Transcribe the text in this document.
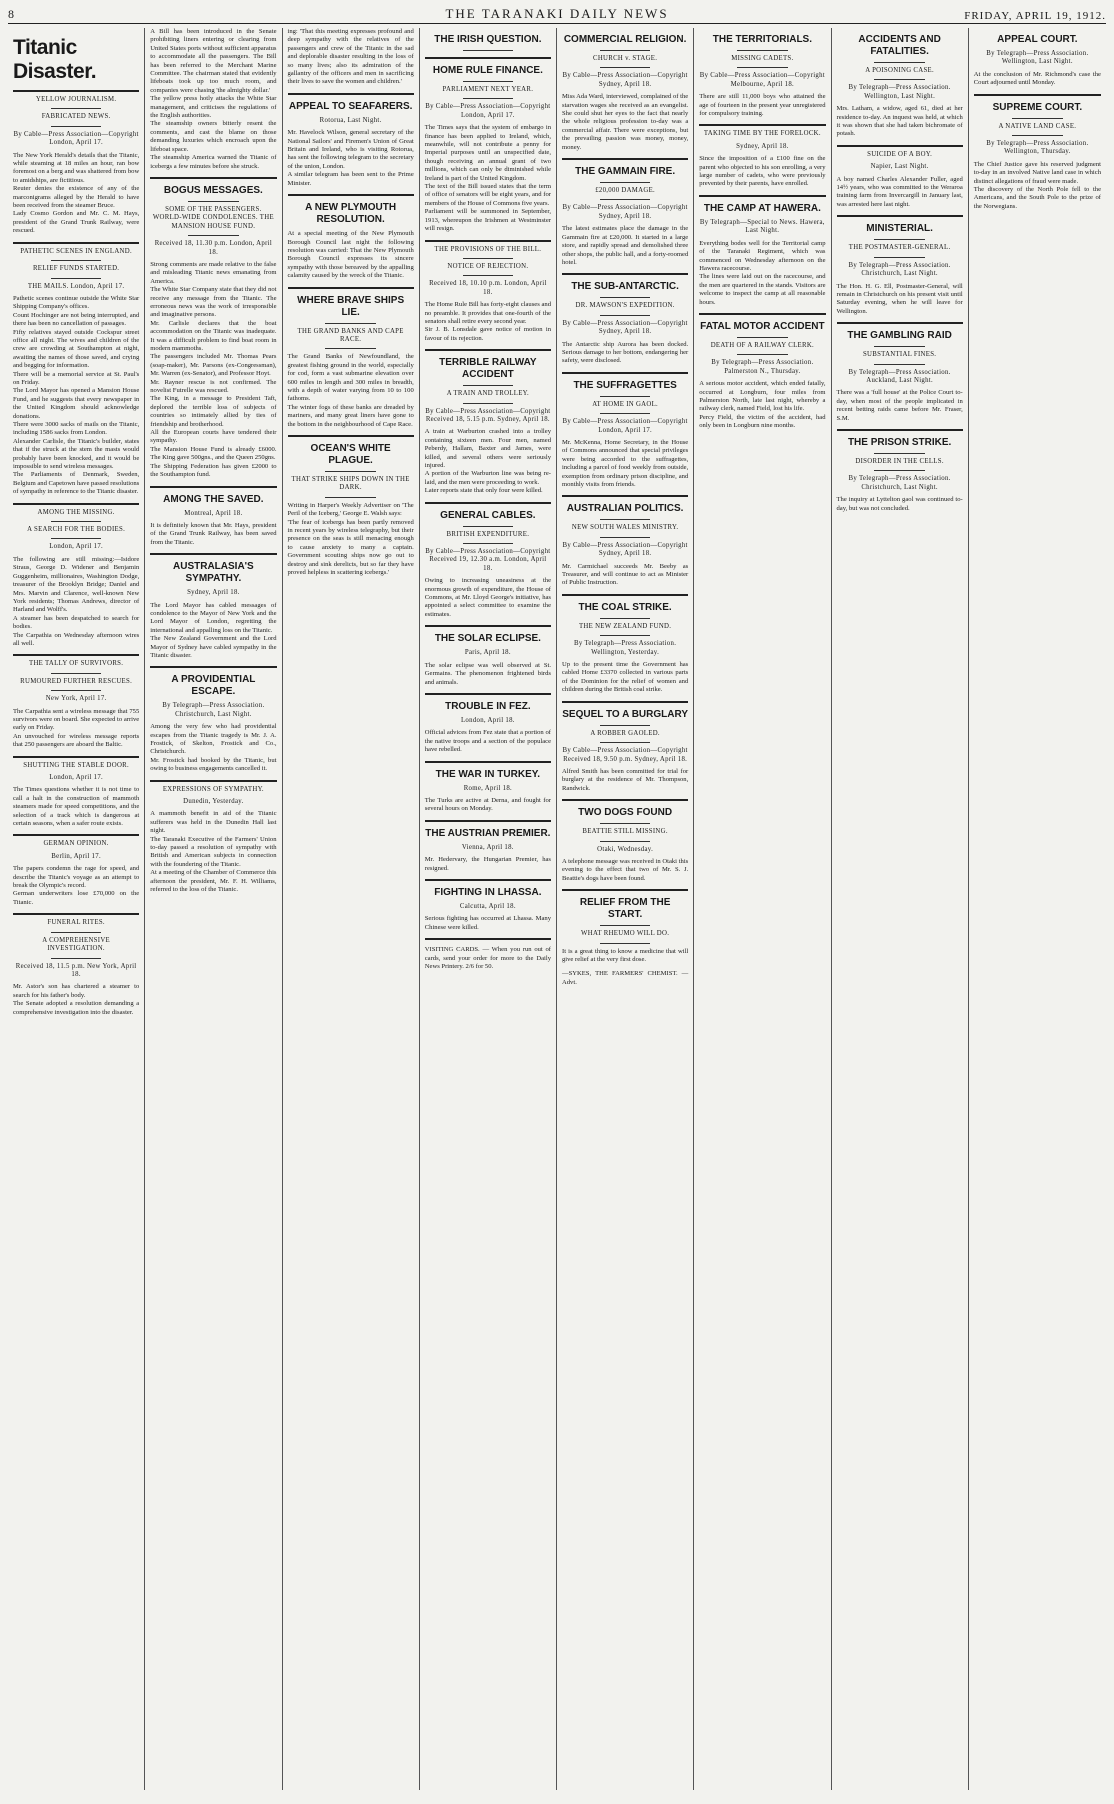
8	THE TARANAKI DAILY NEWS	FRIDAY, APRIL 19, 1912.
Titanic Disaster.
YELLOW JOURNALISM.
FABRICATED NEWS.
By Cable—Press Association—Copyright London, April 17.

The New York Herald's details that the Titanic, while steaming at 18 miles an hour, ran bow foremost on a berg and was shattered from bow to amidships, are fictitious.

Reuter denies the existence of any of the marconigrams alleged by the Herald to have been received from the steamer Bruce.

Lady Cosmo Gordon and Mr. C. M. Hays, president of the Grand Trunk Railway, were rescued.

PATHETIC SCENES IN ENGLAND.
RELIEF FUNDS STARTED.
THE MAILS. London, April 17.

Pathetic scenes continue outside the White Star Shipping Company's offices.

Count Hochinger are not being interrupted, and there has been no cancellation of passages.

Fifty relatives stayed outside Cockspur street office all night. The wives and children of the crew are crowding at Southampton at night, awaiting the names of those saved, and crying and begging for information.

There will be a memorial service at St. Paul's on Friday.

The Lord Mayor has opened a Mansion House Fund, and he suggests that every newspaper in the United Kingdom should acknowledge donations.

There were 3000 sacks of mails on the Titanic, including 1586 sacks from London.

Alexander Carlisle, the Titanic's builder, states that if the struck at the stem the masts would probably have been knocked, and it would be impossible to send wireless messages.

The Parliaments of Denmark, Sweden, Belgium and Capetown have passed resolutions of sympathy in reference to the Titanic disaster.

AMONG THE MISSING.
A SEARCH FOR THE BODIES.
London, April 17.

The following are still missing:—Isidore Straus, George D. Widener and Benjamin Guggenheim, millionaires, Washington Dodge, treasurer of the Brooklyn Bridge; Daniel and Mrs. Marvin and Clarence, well-known New York residents; Thomas Andrews, director of Harland and Wolff's.

A steamer has been despatched to search for bodies.

The Carpathia on Wednesday afternoon wires all well.

THE TALLY OF SURVIVORS.
RUMOURED FURTHER RESCUES.
New York, April 17.

The Carpathia sent a wireless message that 755 survivors were on board. She expected to arrive early on Friday.

An unvouched for wireless message reports that 250 passengers are aboard the Baltic.

SHUTTING THE STABLE DOOR.
London, April 17.

The Times questions whether it is not time to call a halt in the construction of mammoth steamers made for speed competitions, and the selection of a track which is dangerous at certain seasons, when a safer route exists.

GERMAN OPINION.
Berlin, April 17.

The papers condemn the rage for speed, and describe the Titanic's voyage as an attempt to break the Olympic's record.

German underwriters lose £70,000 on the Titanic.

FUNERAL RITES.
A COMPREHENSIVE INVESTIGATION.
Received 18, 11.5 p.m. New York, April 18.

Mr. Astor's son has chartered a steamer to search for his father's body.

The Senate adopted a resolution demanding a comprehensive investigation into the disaster.

A Bill has been introduced in the Senate prohibiting liners entering or clearing from United States ports without sufficient apparatus to accommodate all the passengers. The Bill has been referred to the Merchant Marine Committee. The chairman stated that evidently lifeboats took up too much room, and companies were chasing 'the almighty dollar.'

The yellow press hotly attacks the White Star management, and criticises the regulations of the English authorities.

The steamship owners bitterly resent the comments, and cast the blame on those demanding luxuries which encroach upon the lifeboat space.

The steamship America warned the Titanic of icebergs a few minutes before she struck.

BOGUS MESSAGES.
SOME OF THE PASSENGERS. WORLD-WIDE CONDOLENCES. THE MANSION HOUSE FUND.
Received 18, 11.30 p.m. London, April 18.

Strong comments are made relative to the false and misleading Titanic news emanating from America.

The White Star Company state that they did not receive any message from the Titanic. The erroneous news was the work of irresponsible and imaginative persons.

Mr. Carlisle declares that the boat accommodation on the Titanic was inadequate. It was a difficult problem to find boat room in modern mammoths.

The passengers included Mr. Thomas Pears (soap-maker), Mr. Parsons (ex-Congressman), Mr. Warren (ex-Senator), and Professor Hoyt.

Mr. Rayner rescue is not confirmed. The novelist Futrelle was rescued.

The King, in a message to President Taft, deplored the terrible loss of subjects of countries so intimately allied by ties of friendship and brotherhood.

All the European courts have tendered their sympathy.

The Mansion House Fund is already £6000. The King gave 500gns., and the Queen 250gns.

The Shipping Federation has given £2000 to the Southampton fund.

AMONG THE SAVED.
Montreal, April 18.

It is definitely known that Mr. Hays, president of the Grand Trunk Railway, has been saved from the Titanic.

AUSTRALASIA'S SYMPATHY.
Sydney, April 18.

The Lord Mayor has cabled messages of condolence to the Mayor of New York and the Lord Mayor of London, regretting the international and appalling loss on the Titanic.

The New Zealand Government and the Lord Mayor of Sydney have cabled sympathy in the Titanic disaster.

A PROVIDENTIAL ESCAPE.
By Telegraph—Press Association. Christchurch, Last Night.

Among the very few who had providential escapes from the Titanic tragedy is Mr. J. A. Frostick, of Skelton, Frostick and Co., Christchurch.

Mr. Frostick had booked by the Titanic, but owing to business engagements cancelled it.

EXPRESSIONS OF SYMPATHY.
Dunedin, Yesterday.

A mammoth benefit in aid of the Titanic sufferers was held in the Dunedin Hall last night.

The Taranaki Executive of the Farmers' Union to-day passed a resolution of sympathy with British and American subjects in connection with the foundering of the Titanic.

At a meeting of the Chamber of Commerce this afternoon the president, Mr. F. H. Williams, referred to the loss of the Titanic.

ing: 'That this meeting expresses profound and deep sympathy with the relatives of the passengers and crew of the Titanic in the sad and deplorable disaster resulting in the loss of so many lives; also its admiration of the gallantry of the officers and men in sacrificing their lives to save the women and children.'

APPEAL TO SEAFARERS.
Rotorua, Last Night.

Mr. Havelock Wilson, general secretary of the National Sailors' and Firemen's Union of Great Britain and Ireland, who is visiting Rotorua, has sent the following telegram to the secretary of the union, London.

A similar telegram has been sent to the Prime Minister.

A NEW PLYMOUTH RESOLUTION.

At a special meeting of the New Plymouth Borough Council last night the following resolution was carried: That the New Plymouth Borough Council expresses its sincere sympathy with those bereaved by the appalling calamity caused by the wreck of the Titanic.

WHERE BRAVE SHIPS LIE.
THE GRAND BANKS AND CAPE RACE.

The Grand Banks of Newfoundland, the greatest fishing ground in the world, especially for cod, form a vast submarine elevation over 600 miles in length and 300 miles in breadth, with a depth of water varying from 10 to 100 fathoms.

The winter fogs of these banks are dreaded by mariners, and many great liners have gone to the bottom in the neighbourhood of Cape Race.

OCEAN'S WHITE PLAGUE.
THAT STRIKE SHIPS DOWN IN THE DARK.

Writing in Harper's Weekly Advertiser on 'The Peril of the Iceberg,' George E. Walsh says:

'The fear of icebergs has been partly removed in recent years by wireless telegraphy, but their presence on the seas is still menacing enough to cause anxiety to many a captain. Government scouting ships now go out to destroy and sink derelicts, but so far they have proved helpless in scattering icebergs.'

THE IRISH QUESTION.
HOME RULE FINANCE.
PARLIAMENT NEXT YEAR.
By Cable—Press Association—Copyright London, April 17.

The Times says that the system of embargo in finance has been applied to Ireland, which, meanwhile, will not contribute a penny for Imperial purposes until an unspecified date, though receiving an annual grant of two millions, which can only be diminished while Ireland is part of the United Kingdom.

The text of the Bill issued states that the term of office of senators will be eight years, and for members of the House of Commons five years.

Parliament will be summoned in September, 1913, whereupon the Irishmen at Westminster will resign.

THE PROVISIONS OF THE BILL.
NOTICE OF REJECTION.
Received 18, 10.10 p.m. London, April 18.

The Home Rule Bill has forty-eight clauses and no preamble. It provides that one-fourth of the senators shall retire every second year.

Sir J. B. Lonsdale gave notice of motion in favour of its rejection.

TERRIBLE RAILWAY ACCIDENT
A TRAIN AND TROLLEY.
By Cable—Press Association—Copyright Received 18, 5.15 p.m. Sydney, April 18.

A train at Warburton crashed into a trolley containing sixteen men. Four men, named Peberdy, Hallam, Baxter and James, were killed, and several others were seriously injured.

A portion of the Warburton line was being re-laid, and the men were proceeding to work.

Later reports state that only four were killed.

GENERAL CABLES.
BRITISH EXPENDITURE.
By Cable—Press Association—Copyright Received 19, 12.30 a.m. London, April 18.

Owing to increasing uneasiness at the enormous growth of expenditure, the House of Commons, at Mr. Lloyd George's initiative, has appointed a select committee to examine the estimates.

THE SOLAR ECLIPSE.
Paris, April 18.

The solar eclipse was well observed at St. Germains. The phenomenon frightened birds and animals.

TROUBLE IN FEZ.
London, April 18.

Official advices from Fez state that a portion of the native troops and a section of the populace have rebelled.

THE WAR IN TURKEY.
Rome, April 18.

The Turks are active at Derna, and fought for several hours on Monday.

THE AUSTRIAN PREMIER.
Vienna, April 18.

Mr. Hedervary, the Hungarian Premier, has resigned.

FIGHTING IN LHASSA.
Calcutta, April 18.

Serious fighting has occurred at Lhassa. Many Chinese were killed.

VISITING CARDS. — When you run out of cards, send your order for more to the Daily News Printery. 2/6 for 50.
COMMERCIAL RELIGION.
CHURCH v. STAGE.
By Cable—Press Association—Copyright Sydney, April 18.

Miss Ada Ward, interviewed, complained of the starvation wages she received as an evangelist. She could shut her eyes to the fact that nearly the whole religious profession to-day was a commercial affair. There were exceptions, but the prevailing passion was money, money, money.

THE GAMMAIN FIRE.
£20,000 DAMAGE.
By Cable—Press Association—Copyright Sydney, April 18.

The latest estimates place the damage in the Gammain fire at £20,000. It started in a large store, and rapidly spread and demolished three other shops, the public hall, and a forty-roomed hotel.

THE SUB-ANTARCTIC.
DR. MAWSON'S EXPEDITION.
By Cable—Press Association—Copyright Sydney, April 18.

The Antarctic ship Aurora has been docked. Serious damage to her bottom, endangering her safety, were disclosed.

THE SUFFRAGETTES
AT HOME IN GAOL.
By Cable—Press Association—Copyright London, April 17.

Mr. McKenna, Home Secretary, in the House of Commons announced that special privileges were being accorded to the suffragettes, including a parcel of food weekly from outside, exemption from ordinary prison discipline, and monthly visits from friends.

AUSTRALIAN POLITICS.
NEW SOUTH WALES MINISTRY.
By Cable—Press Association—Copyright Sydney, April 18.

Mr. Carmichael succeeds Mr. Beeby as Treasurer, and will continue to act as Minister of Public Instruction.

THE COAL STRIKE.
THE NEW ZEALAND FUND.
By Telegraph—Press Association. Wellington, Yesterday.

Up to the present time the Government has cabled Home £3370 collected in various parts of the Dominion for the relief of women and children during the British coal strike.

SEQUEL TO A BURGLARY
A ROBBER GAOLED.
By Cable—Press Association—Copyright Received 18, 9.50 p.m. Sydney, April 18.

Alfred Smith has been committed for trial for burglary at the residence of Mr. Thompson, Randwick.

TWO DOGS FOUND
BEATTIE STILL MISSING.
Otaki, Wednesday.

A telephone message was received in Otaki this evening to the effect that two of Mr. S. J. Beattie's dogs have been found.

RELIEF FROM THE START.
WHAT RHEUMO WILL DO.

It is a great thing to know a medicine that will give relief at the very first dose.

—SYKES, THE FARMERS' CHEMIST. — Advt.
THE TERRITORIALS.
MISSING CADETS.
By Cable—Press Association—Copyright Melbourne, April 18.

There are still 11,000 boys who attained the age of fourteen in the present year unregistered for compulsory training.

TAKING TIME BY THE FORELOCK.
Sydney, April 18.

Since the imposition of a £100 fine on the parent who objected to his son enrolling, a very large number of cadets, who were previously prevented by their parents, have enrolled.

THE CAMP AT HAWERA.
By Telegraph—Special to News. Hawera, Last Night.

Everything bodes well for the Territorial camp of the Taranaki Regiment, which was commenced on Wednesday afternoon on the Hawera racecourse.

The lines were laid out on the racecourse, and the men are quartered in the stands. Visitors are welcome to inspect the camp at all reasonable hours.

FATAL MOTOR ACCIDENT
DEATH OF A RAILWAY CLERK.
By Telegraph—Press Association. Palmerston N., Thursday.

A serious motor accident, which ended fatally, occurred at Longburn, four miles from Palmerston North, late last night, whereby a railway clerk, named Field, lost his life.

Percy Field, the victim of the accident, had only been in Longburn nine months.

ACCIDENTS AND FATALITIES.
A POISONING CASE.
By Telegraph—Press Association. Wellington, Last Night.

Mrs. Latham, a widow, aged 61, died at her residence to-day. An inquest was held, at which it was shown that she had taken bichromate of potash.

SUICIDE OF A BOY.
Napier, Last Night.

A boy named Charles Alexander Fuller, aged 14½ years, who was committed to the Weraroa training farm from Invercargill in January last, was arrested here last night.

MINISTERIAL.
THE POSTMASTER-GENERAL.
By Telegraph—Press Association. Christchurch, Last Night.

The Hon. H. G. Ell, Postmaster-General, will remain in Christchurch on his present visit until Saturday evening, when he will leave for Wellington.

THE GAMBLING RAID
SUBSTANTIAL FINES.
By Telegraph—Press Association. Auckland, Last Night.

There was a 'full house' at the Police Court to-day, when most of the people implicated in recent betting raids came before Mr. Fraser, S.M.

THE PRISON STRIKE.
DISORDER IN THE CELLS.
By Telegraph—Press Association. Christchurch, Last Night.

The inquiry at Lyttelton gaol was continued to-day, but was not concluded.

APPEAL COURT.
By Telegraph—Press Association. Wellington, Last Night.

At the conclusion of Mr. Richmond's case the Court adjourned until Monday.

SUPREME COURT.
A NATIVE LAND CASE.
By Telegraph—Press Association. Wellington, Thursday.

The Chief Justice gave his reserved judgment to-day in an involved Native land case in which distinct allegations of fraud were made.

The discovery of the North Pole fell to the Americans, and the South Pole to the prize of the Norwegians.
